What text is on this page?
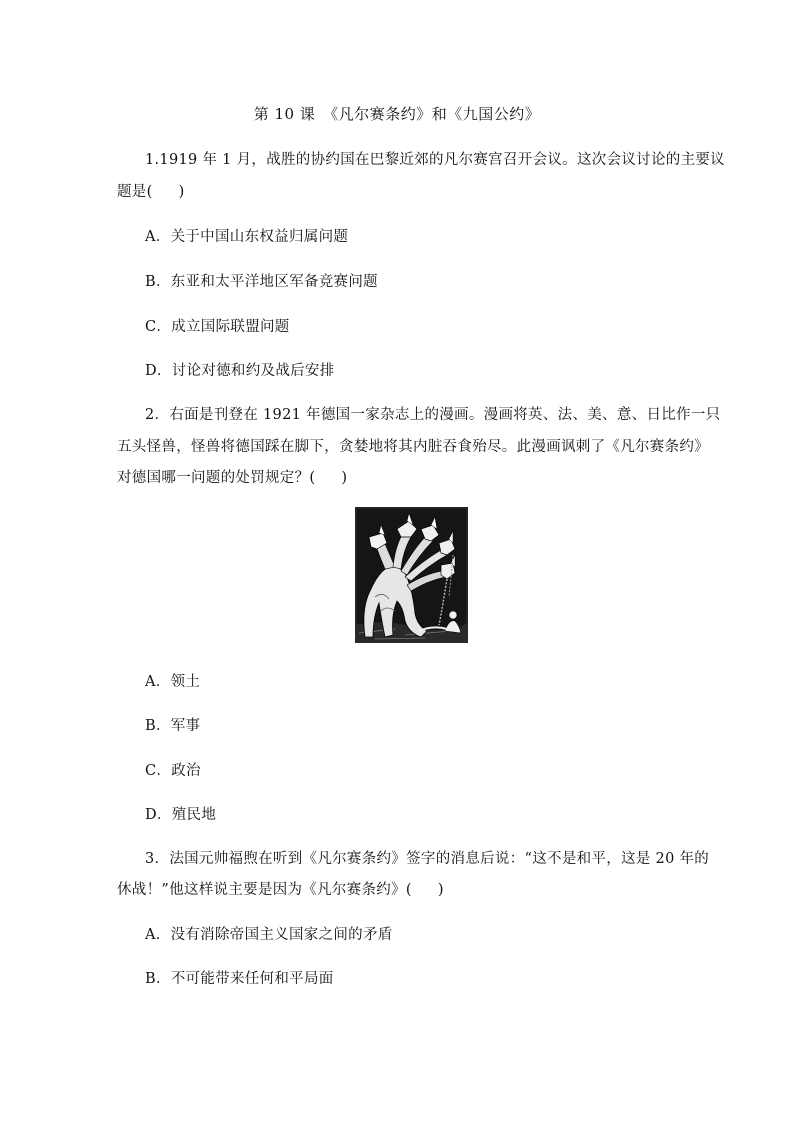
第 10 课　《凡尔赛条约》和《九国公约》
1.1919 年 1 月，战胜的协约国在巴黎近郊的凡尔赛宫召开会议。这次会议讨论的主要议
题是( )
A．关于中国山东权益归属问题
B．东亚和太平洋地区军备竞赛问题
C．成立国际联盟问题
D．讨论对德和约及战后安排
2．右面是刊登在 1921 年德国一家杂志上的漫画。漫画将英、法、美、意、日比作一只
五头怪兽，怪兽将德国踩在脚下，贪婪地将其内脏吞食殆尽。此漫画讽刺了《凡尔赛条约》
对德国哪一问题的处罚规定？( )
A．领土
B．军事
C．政治
D．殖民地
3．法国元帅福煦在听到《凡尔赛条约》签字的消息后说：“这不是和平，这是 20 年的
休战！”他这样说主要是因为《凡尔赛条约》( )
A．没有消除帝国主义国家之间的矛盾
B．不可能带来任何和平局面
